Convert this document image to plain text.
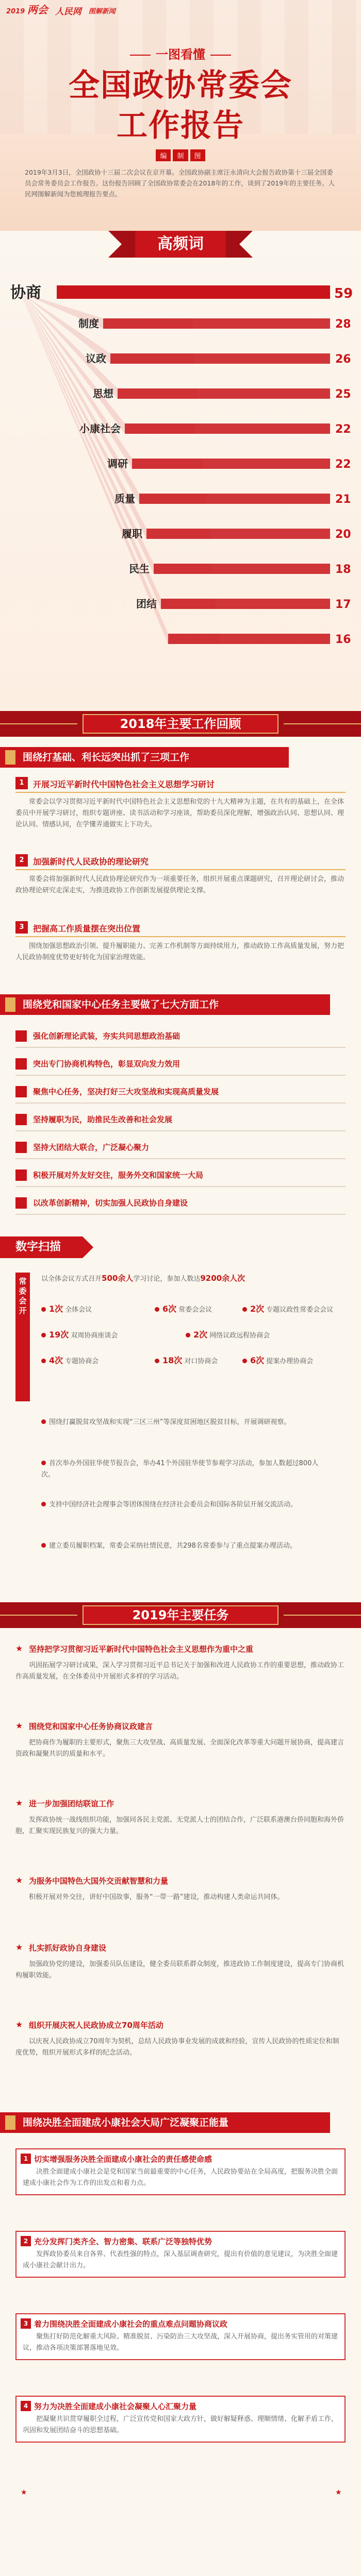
2019 两会 人民网 图解新闻
一图看懂
全国政协常委会
工作报告
编 制 图
2019年3月3日，全国政协十三届二次会议在京开幕。全国政协副主席汪永清向大会报告政协第十三届全国委员会常务委员会工作报告。这份报告回顾了全国政协常委会在2018年的工作，谈到了2019年的主要任务。人民网图解新闻为您梳理报告要点。
高频词
协商	59
制度	28
议政	26
思想	25
小康社会	22
调研	22
质量	21
履职	20
民生	18
团结	17
16
2018年主要工作回顾
围绕打基础、利长远突出抓了三项工作
1	开展习近平新时代中国特色社会主义思想学习研讨
常委会以学习贯彻习近平新时代中国特色社会主义思想和党的十九大精神为主题，在共有的基础上，在全体委员中开展学习研讨，组织专题讲座、读书活动和学习座谈，帮助委员深化理解，增强政治认同、思想认同、理论认同、情感认同，在学懂弄通做实上下功夫。
2	加强新时代人民政协的理论研究
常委会将加强新时代人民政协理论研究作为一项重要任务，组织开展重点课题研究，召开理论研讨会，推动政协理论研究走深走实，为推进政协工作创新发展提供理论支撑。
3	把握高工作质量摆在突出位置
围绕加强思想政治引领、提升履职能力、完善工作机制等方面持续用力，推动政协工作高质量发展，努力把人民政协制度优势更好转化为国家治理效能。
围绕党和国家中心任务主要做了七大方面工作
强化创新理论武装，夯实共同思想政治基础
突出专门协商机构特色，彰显双向发力效用
聚焦中心任务，坚决打好三大攻坚战和实现高质量发展
坚持履职为民，助推民生改善和社会发展
坚持大团结大联合，广泛凝心聚力
积极开展对外友好交往，服务外交和国家统一大局
以改革创新精神，切实加强人民政协自身建设
数字扫描
常委会开
以全体会议方式召开500余人学习讨论，参加人数达9200余人次
1次 全体会议	6次 常委会会议	2次 专题议政性常委会会议
19次 双周协商座谈会	2次 网络议政远程协商会
4次 专题协商会	18次 对口协商会	6次 提案办理协商会
围绕打赢脱贫攻坚战和实现“三区三州”等深度贫困地区脱贫目标，开展调研视察。
首次举办外国驻华使节报告会，举办41个外国驻华使节参观学习活动，参加人数超过800人次。
支持中国经济社会理事会等团体围绕在经济社会委员会和国际各阶层开展交流活动。
建立委员履职档案，常委会采纳社情民意，共298名常委参与了重点提案办理活动。
2019年主要任务
★ 坚持把学习贯彻习近平新时代中国特色社会主义思想作为重中之重
巩固拓展学习研讨成果，深入学习贯彻习近平总书记关于加强和改进人民政协工作的重要思想，推动政协工作高质量发展，在全体委员中开展形式多样的学习活动。
★ 围绕党和国家中心任务协商议政建言
把协商作为履职的主要形式，聚焦三大攻坚战、高质量发展、全面深化改革等重大问题开展协商，提高建言资政和凝聚共识的质量和水平。
★ 进一步加强团结联谊工作
发挥政协统一战线组织功能，加强同各民主党派、无党派人士的团结合作，广泛联系港澳台侨同胞和海外侨胞，汇聚实现民族复兴的强大力量。
★ 为服务中国特色大国外交贡献智慧和力量
积极开展对外交往，讲好中国故事，服务“一带一路”建设，推动构建人类命运共同体。
★ 扎实抓好政协自身建设
加强政协党的建设，加强委员队伍建设，健全委员联系群众制度，推进政协工作制度建设，提高专门协商机构履职效能。
★ 组织开展庆祝人民政协成立70周年活动
以庆祝人民政协成立70周年为契机，总结人民政协事业发展的成就和经验，宣传人民政协的性质定位和制度优势，组织开展形式多样的纪念活动。
围绕决胜全面建成小康社会大局广泛凝聚正能量
1 切实增强服务决胜全面建成小康社会的责任感使命感
决胜全面建成小康社会是党和国家当前最重要的中心任务，人民政协要站在全局高度，把服务决胜全面建成小康社会作为工作的出发点和着力点。
2 充分发挥门类齐全、智力密集、联系广泛等独特优势
发挥政协委员来自各界、代表性强的特点，深入基层调查研究，提出有价值的意见建议，为决胜全面建成小康社会献计出力。
3 着力围绕决胜全面建成小康社会的重点难点问题协商议政
聚焦打好防范化解重大风险、精准脱贫、污染防治三大攻坚战，深入开展协商，提出务实管用的对策建议，推动各项决策部署落地见效。
4 努力为决胜全面建成小康社会凝聚人心汇聚力量
把凝聚共识贯穿履职全过程，广泛宣传党和国家大政方针，做好解疑释惑、理顺情绪、化解矛盾工作，巩固和发展团结奋斗的思想基础。
★
★
